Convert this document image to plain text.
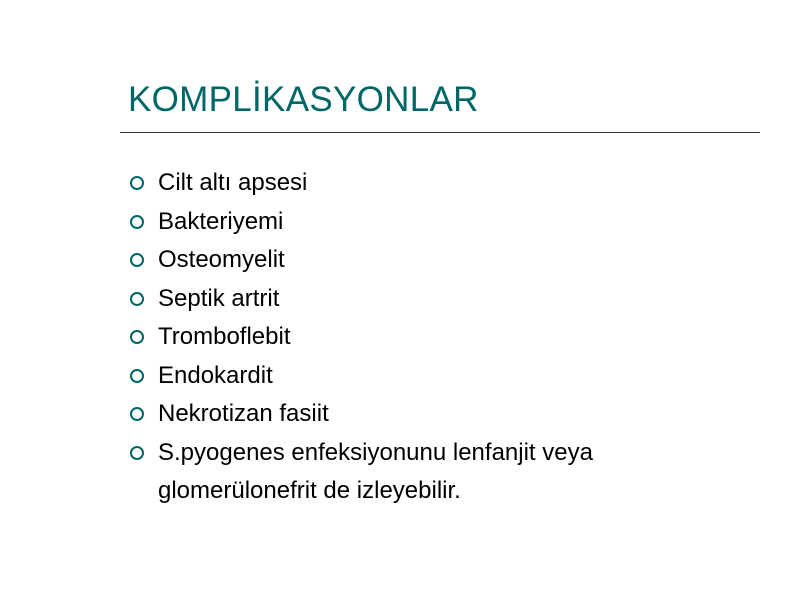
KOMPLİKASYONLAR
Cilt altı apsesi
Bakteriyemi
Osteomyelit
Septik artrit
Tromboflebit
Endokardit
Nekrotizan fasiit
S.pyogenes enfeksiyonunu lenfanjit veya glomerülonefrit de izleyebilir.
